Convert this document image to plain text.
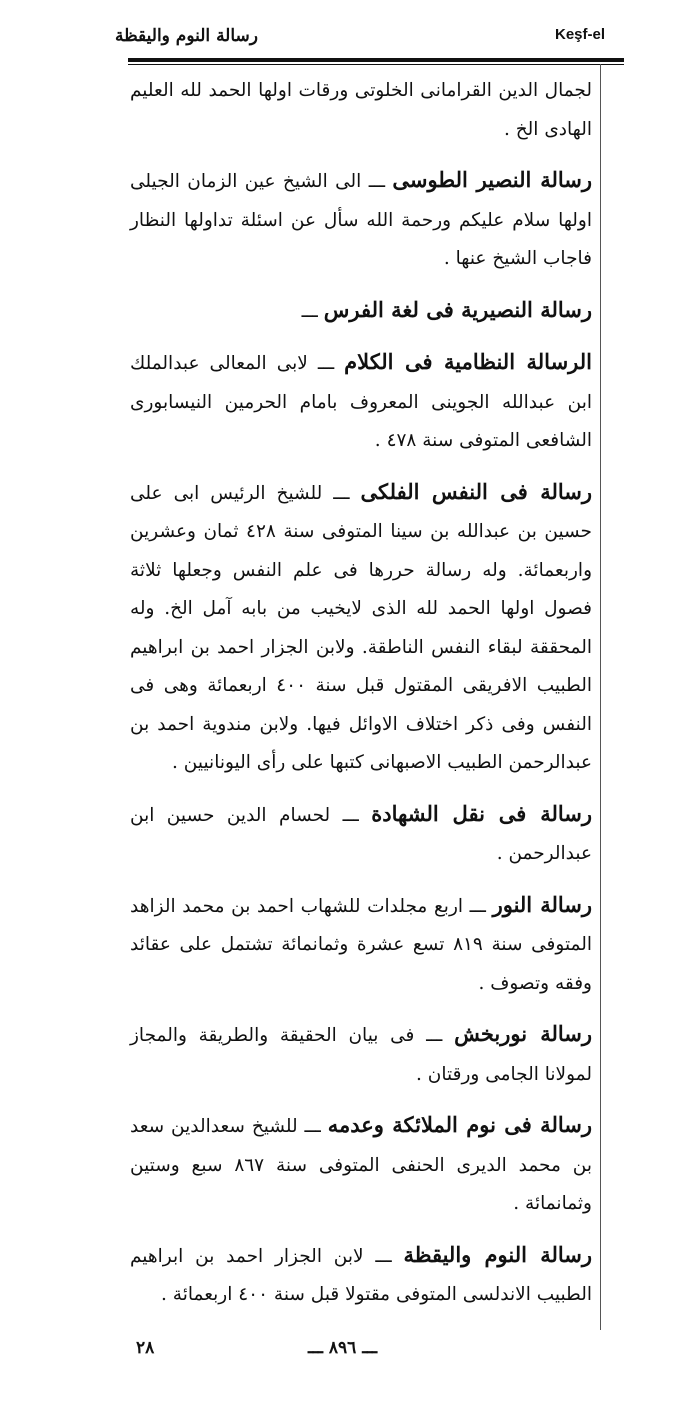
رسالة النوم واليقظة	Keşf-el

لجمال الدين القرامانى الخلوتى ورقات اولها الحمد لله العليم الهادى الخ .

رسالة النصير الطوسى ـــ الى الشيخ عين الزمان الجيلى اولها سلام عليكم ورحمة الله سأل عن اسئلة تداولها النظار فاجاب الشيخ عنها .

رسالة النصيرية فى لغة الفرس ـــ

الرسالة النظامية فى الكلام ـــ لابى المعالى عبدالملك ابن عبدالله الجوينى المعروف بامام الحرمين النيسابورى الشافعى المتوفى سنة ٤٧٨ .

رسالة فى النفس الفلكى ـــ للشيخ الرئيس ابى على حسين بن عبدالله بن سينا المتوفى سنة ٤٢٨ ثمان وعشرين واربعمائة. وله رسالة حررها فى علم النفس وجعلها ثلاثة فصول اولها الحمد لله الذى لايخيب من بابه آمل الخ. وله المحققة لبقاء النفس الناطقة. ولابن الجزار احمد بن ابراهيم الطبيب الافريقى المقتول قبل سنة ٤٠٠ اربعمائة وهى فى النفس وفى ذكر اختلاف الاوائل فيها. ولابن مندوية احمد بن عبدالرحمن الطبيب الاصبهانى كتبها على رأى اليونانيين .

رسالة فى نقل الشهادة ـــ لحسام الدين حسين ابن عبدالرحمن .

رسالة النور ـــ اربع مجلدات للشهاب احمد بن محمد الزاهد المتوفى سنة ٨١٩ تسع عشرة وثمانمائة تشتمل على عقائد وفقه وتصوف .

رسالة نوربخش ـــ فى بيان الحقيقة والطريقة والمجاز لمولانا الجامى ورقتان .

رسالة فى نوم الملائكة وعدمه ـــ للشيخ سعدالدين سعد بن محمد الديرى الحنفى المتوفى سنة ٨٦٧ سبع وستين وثمانمائة .

رسالة النوم واليقظة ـــ لابن الجزار احمد بن ابراهيم الطبيب الاندلسى المتوفى مقتولا قبل سنة ٤٠٠ اربعمائة .

٢٨	ـــ ٨٩٦ ـــ
